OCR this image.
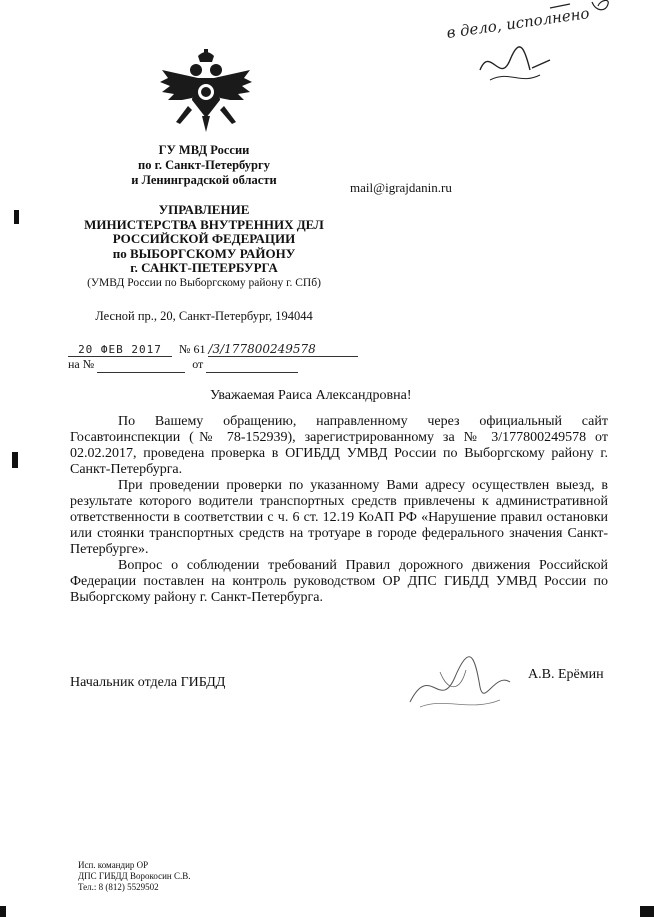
ГУ МВД России
по г. Санкт-Петербургу
и Ленинградской области
УПРАВЛЕНИЕ
МИНИСТЕРСТВА ВНУТРЕННИХ ДЕЛ
РОССИЙСКОЙ ФЕДЕРАЦИИ
по ВЫБОРГСКОМУ РАЙОНУ
г. САНКТ-ПЕТЕРБУРГА
(УМВД России по Выборгскому району г. СПб)
Лесной пр., 20, Санкт-Петербург, 194044
mail@igrajdanin.ru
в дело, исполнено
20 ФЕВ 2017 № 61 /3/177800249578
на №	от
Уважаемая Раиса Александровна!

По Вашему обращению, направленному через официальный сайт Госавтоинспекции (№ 78-152939), зарегистрированному за № 3/177800249578 от 02.02.2017, проведена проверка в ОГИБДД УМВД России по Выборгскому району г. Санкт-Петербурга.

При проведении проверки по указанному Вами адресу осуществлен выезд, в результате которого водители транспортных средств привлечены к административной ответственности в соответствии с ч. 6 ст. 12.19 КоАП РФ «Нарушение правил остановки или стоянки транспортных средств на тротуаре в городе федерального значения Санкт-Петербурге».

Вопрос о соблюдении требований Правил дорожного движения Российской Федерации поставлен на контроль руководством ОР ДПС ГИБДД УМВД России по Выборгскому району г. Санкт-Петербурга.

Начальник отдела ГИБДД
А.В. Ерёмин
Исп. командир ОР
ДПС ГИБДД Ворокосин С.В.
Тел.: 8 (812) 5529502
